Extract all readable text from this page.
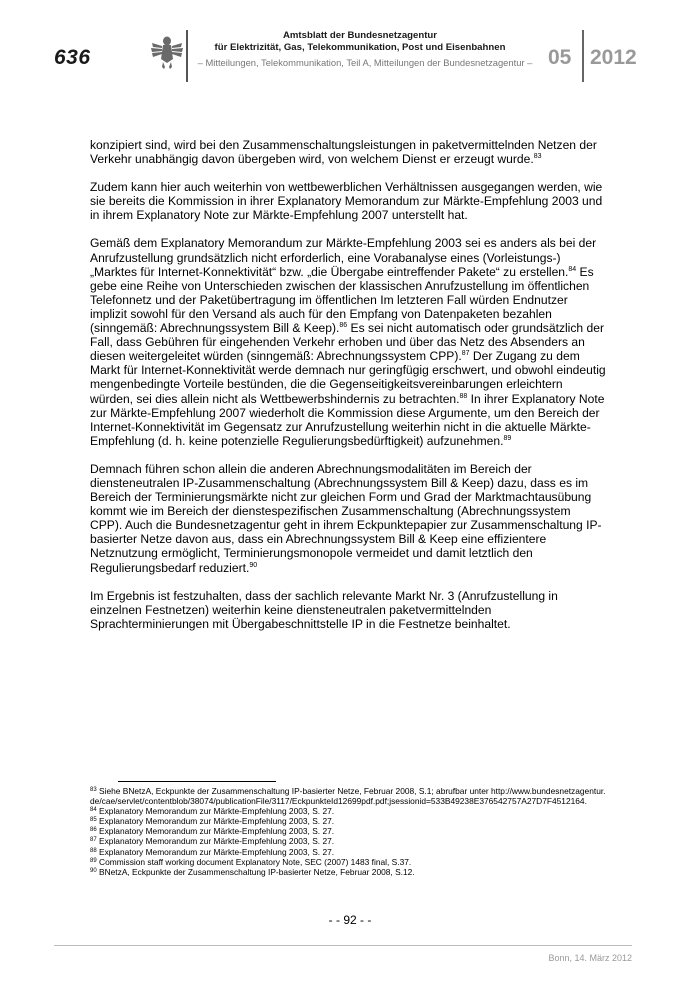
636
Amtsblatt der Bundesnetzagentur
für Elektrizität, Gas, Telekommunikation, Post und Eisenbahnen
– Mitteilungen, Telekommunikation, Teil A, Mitteilungen der Bundesnetzagentur – 05 2012

konzipiert sind, wird bei den Zusammenschaltungsleistungen in paketvermittelnden Netzen der Verkehr unabhängig davon übergeben wird, von welchem Dienst er erzeugt wurde.$^{83}$

Zudem kann hier auch weiterhin von wettbewerblichen Verhältnissen ausgegangen werden, wie sie bereits die Kommission in ihrer Explanatory Memorandum zur Märkte-Empfehlung 2003 und in ihrem Explanatory Note zur Märkte-Empfehlung 2007 unterstellt hat.

Gemäß dem Explanatory Memorandum zur Märkte-Empfehlung 2003 sei es anders als bei der Anrufzustellung grundsätzlich nicht erforderlich, eine Vorabanalyse eines (Vorleistungs-) „Marktes für Internet-Konnektivität“ bzw. „die Übergabe eintreffender Pakete“ zu erstellen.$^{84}$ Es gebe eine Reihe von Unterschieden zwischen der klassischen Anrufzustellung im öffentlichen Telefonnetz und der Paketübertragung im öffentlichen Im letzteren Fall würden Endnutzer implizit sowohl für den Versand als auch für den Empfang von Datenpaketen bezahlen (sinngemäß: Abrechnungssystem Bill & Keep).$^{86}$ Es sei nicht automatisch oder grundsätzlich der Fall, dass Gebühren für eingehenden Verkehr erhoben und über das Netz des Absenders an diesen weitergeleitet würden (sinngemäß: Abrechnungssystem CPP).$^{87}$ Der Zugang zu dem Markt für Internet-Konnektivität werde demnach nur geringfügig erschwert, und obwohl eindeutig mengenbedingte Vorteile bestünden, die die Gegenseitigkeitsvereinbarungen erleichtern würden, sei dies allein nicht als Wettbewerbshindernis zu betrachten.$^{88}$ In ihrer Explanatory Note zur Märkte-Empfehlung 2007 wiederholt die Kommission diese Argumente, um den Bereich der Internet-Konnektivität im Gegensatz zur Anrufzustellung weiterhin nicht in die aktuelle Märkte-Empfehlung (d. h. keine potenzielle Regulierungsbedürftigkeit) aufzunehmen.$^{89}$

Demnach führen schon allein die anderen Abrechnungsmodalitäten im Bereich der diensteneutralen IP-Zusammenschaltung (Abrechnungssystem Bill & Keep) dazu, dass es im Bereich der Terminierungsmärkte nicht zur gleichen Form und Grad der Marktmachtausübung kommt wie im Bereich der dienstespezifischen Zusammenschaltung (Abrechnungssystem CPP). Auch die Bundesnetzagentur geht in ihrem Eckpunktepapier zur Zusammenschaltung IP-basierter Netze davon aus, dass ein Abrechnungssystem Bill & Keep eine effizientere Netznutzung ermöglicht, Terminierungsmonopole vermeidet und damit letztlich den Regulierungsbedarf reduziert.$^{90}$

Im Ergebnis ist festzuhalten, dass der sachlich relevante Markt Nr. 3 (Anrufzustellung in einzelnen Festnetzen) weiterhin keine diensteneutralen paketvermittelnden Sprachterminierungen mit Übergabeschnittstelle IP in die Festnetze beinhaltet.

$^{83}$ Siehe BNetzA, Eckpunkte der Zusammenschaltung IP-basierter Netze, Februar 2008, S.1; abrufbar unter http://www.bundesnetzagentur.de/cae/servlet/contentblob/38074/publicationFile/3117/EckpunkteId12699pdf.pdf;jsessionid=533B49238E376542757A27D7F4512164.
$^{84}$ Explanatory Memorandum zur Märkte-Empfehlung 2003, S. 27.
$^{85}$ Explanatory Memorandum zur Märkte-Empfehlung 2003, S. 27.
$^{86}$ Explanatory Memorandum zur Märkte-Empfehlung 2003, S. 27.
$^{87}$ Explanatory Memorandum zur Märkte-Empfehlung 2003, S. 27.
$^{88}$ Explanatory Memorandum zur Märkte-Empfehlung 2003, S. 27.
$^{89}$ Commission staff working document Explanatory Note, SEC (2007) 1483 final, S.37.
$^{90}$ BNetzA, Eckpunkte der Zusammenschaltung IP-basierter Netze, Februar 2008, S.12.
- - 92 - -
Bonn, 14. März 2012
